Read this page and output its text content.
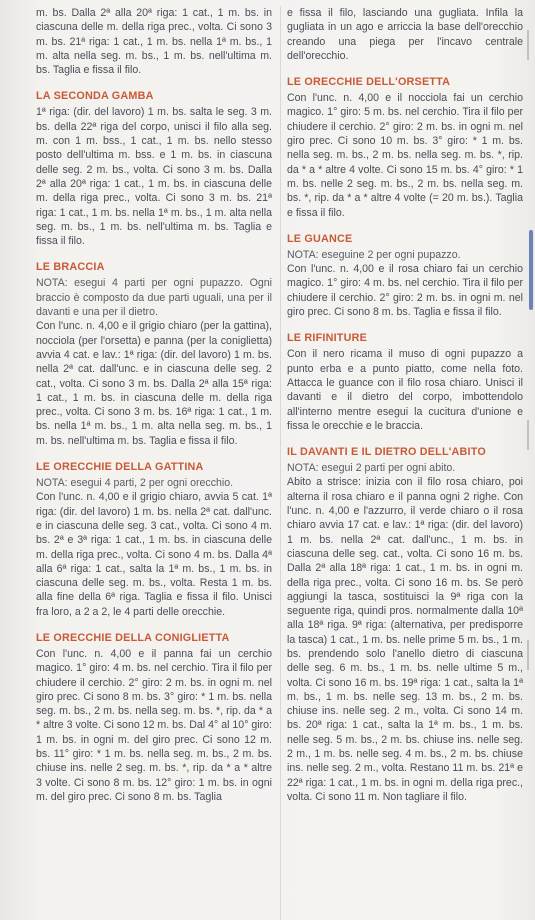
m. bs. Dalla 2ª alla 20ª riga: 1 cat., 1 m. bs. in ciascuna delle m. della riga prec., volta. Ci sono 3 m. bs. 21ª riga: 1 cat., 1 m. bs. nella 1ª m. bs., 1 m. alta nella seg. m. bs., 1 m. bs. nell'ultima m. bs. Taglia e fissa il filo.

LA SECONDA GAMBA

1ª riga: (dir. del lavoro) 1 m. bs. salta le seg. 3 m. bs. della 22ª riga del corpo, unisci il filo alla seg. m. con 1 m. bss., 1 cat., 1 m. bs. nello stesso posto dell'ultima m. bss. e 1 m. bs. in ciascuna delle seg. 2 m. bs., volta. Ci sono 3 m. bs. Dalla 2ª alla 20ª riga: 1 cat., 1 m. bs. in ciascuna delle m. della riga prec., volta. Ci sono 3 m. bs. 21ª riga: 1 cat., 1 m. bs. nella 1ª m. bs., 1 m. alta nella seg. m. bs., 1 m. bs. nell'ultima m. bs. Taglia e fissa il filo.

LE BRACCIA

NOTA: esegui 4 parti per ogni pupazzo. Ogni braccio è composto da due parti uguali, una per il davanti e una per il dietro.

Con l'unc. n. 4,00 e il grigio chiaro (per la gattina), nocciola (per l'orsetta) e panna (per la coniglietta) avvia 4 cat. e lav.: 1ª riga: (dir. del lavoro) 1 m. bs. nella 2ª cat. dall'unc. e in ciascuna delle seg. 2 cat., volta. Ci sono 3 m. bs. Dalla 2ª alla 15ª riga: 1 cat., 1 m. bs. in ciascuna delle m. della riga prec., volta. Ci sono 3 m. bs. 16ª riga: 1 cat., 1 m. bs. nella 1ª m. bs., 1 m. alta nella seg. m. bs., 1 m. bs. nell'ultima m. bs. Taglia e fissa il filo.

LE ORECCHIE DELLA GATTINA

NOTA: esegui 4 parti, 2 per ogni orecchio.

Con l'unc. n. 4,00 e il grigio chiaro, avvia 5 cat. 1ª riga: (dir. del lavoro) 1 m. bs. nella 2ª cat. dall'unc. e in ciascuna delle seg. 3 cat., volta. Ci sono 4 m. bs. 2ª e 3ª riga: 1 cat., 1 m. bs. in ciascuna delle m. della riga prec., volta. Ci sono 4 m. bs. Dalla 4ª alla 6ª riga: 1 cat., salta la 1ª m. bs., 1 m. bs. in ciascuna delle seg. m. bs., volta. Resta 1 m. bs. alla fine della 6ª riga. Taglia e fissa il filo. Unisci fra loro, a 2 a 2, le 4 parti delle orecchie.

LE ORECCHIE DELLA CONIGLIETTA

Con l'unc. n. 4,00 e il panna fai un cerchio magico. 1° giro: 4 m. bs. nel cerchio. Tira il filo per chiudere il cerchio. 2° giro: 2 m. bs. in ogni m. nel giro prec. Ci sono 8 m. bs. 3° giro: * 1 m. bs. nella seg. m. bs., 2 m. bs. nella seg. m. bs. *, rip. da * a * altre 3 volte. Ci sono 12 m. bs. Dal 4° al 10° giro: 1 m. bs. in ogni m. del giro prec. Ci sono 12 m. bs. 11° giro: * 1 m. bs. nella seg. m. bs., 2 m. bs. chiuse ins. nelle 2 seg. m. bs. *, rip. da * a * altre 3 volte. Ci sono 8 m. bs. 12° giro: 1 m. bs. in ogni m. del giro prec. Ci sono 8 m. bs. Taglia

e fissa il filo, lasciando una gugliata. Infila la gugliata in un ago e arriccia la base dell'orecchio creando una piega per l'incavo centrale dell'orecchio.

LE ORECCHIE DELL'ORSETTA

Con l'unc. n. 4,00 e il nocciola fai un cerchio magico. 1° giro: 5 m. bs. nel cerchio. Tira il filo per chiudere il cerchio. 2° giro: 2 m. bs. in ogni m. nel giro prec. Ci sono 10 m. bs. 3° giro: * 1 m. bs. nella seg. m. bs., 2 m. bs. nella seg. m. bs. *, rip. da * a * altre 4 volte. Ci sono 15 m. bs. 4° giro: * 1 m. bs. nelle 2 seg. m. bs., 2 m. bs. nella seg. m. bs. *, rip. da * a * altre 4 volte (= 20 m. bs.). Taglia e fissa il filo.

LE GUANCE

NOTA: eseguine 2 per ogni pupazzo.

Con l'unc. n. 4,00 e il rosa chiaro fai un cerchio magico. 1° giro: 4 m. bs. nel cerchio. Tira il filo per chiudere il cerchio. 2° giro: 2 m. bs. in ogni m. nel giro prec. Ci sono 8 m. bs. Taglia e fissa il filo.

LE RIFINITURE

Con il nero ricama il muso di ogni pupazzo a punto erba e a punto piatto, come nella foto. Attacca le guance con il filo rosa chiaro. Unisci il davanti e il dietro del corpo, imbottendolo all'interno mentre esegui la cucitura d'unione e fissa le orecchie e le braccia.

IL DAVANTI E IL DIETRO DELL'ABITO

NOTA: esegui 2 parti per ogni abito.

Abito a strisce: inizia con il filo rosa chiaro, poi alterna il rosa chiaro e il panna ogni 2 righe. Con l'unc. n. 4,00 e l'azzurro, il verde chiaro o il rosa chiaro avvia 17 cat. e lav.: 1ª riga: (dir. del lavoro) 1 m. bs. nella 2ª cat. dall'unc., 1 m. bs. in ciascuna delle seg. cat., volta. Ci sono 16 m. bs. Dalla 2ª alla 18ª riga: 1 cat., 1 m. bs. in ogni m. della riga prec., volta. Ci sono 16 m. bs. Se però aggiungi la tasca, sostituisci la 9ª riga con la seguente riga, quindi pros. normalmente dalla 10ª alla 18ª riga. 9ª riga: (alternativa, per predisporre la tasca) 1 cat., 1 m. bs. nelle prime 5 m. bs., 1 m. bs. prendendo solo l'anello dietro di ciascuna delle seg. 6 m. bs., 1 m. bs. nelle ultime 5 m., volta. Ci sono 16 m. bs. 19ª riga: 1 cat., salta la 1ª m. bs., 1 m. bs. nelle seg. 13 m. bs., 2 m. bs. chiuse ins. nelle seg. 2 m., volta. Ci sono 14 m. bs. 20ª riga: 1 cat., salta la 1ª m. bs., 1 m. bs. nelle seg. 5 m. bs., 2 m. bs. chiuse ins. nelle seg. 2 m., 1 m. bs. nelle seg. 4 m. bs., 2 m. bs. chiuse ins. nelle seg. 2 m., volta. Restano 11 m. bs. 21ª e 22ª riga: 1 cat., 1 m. bs. in ogni m. della riga prec., volta. Ci sono 11 m. Non tagliare il filo.
